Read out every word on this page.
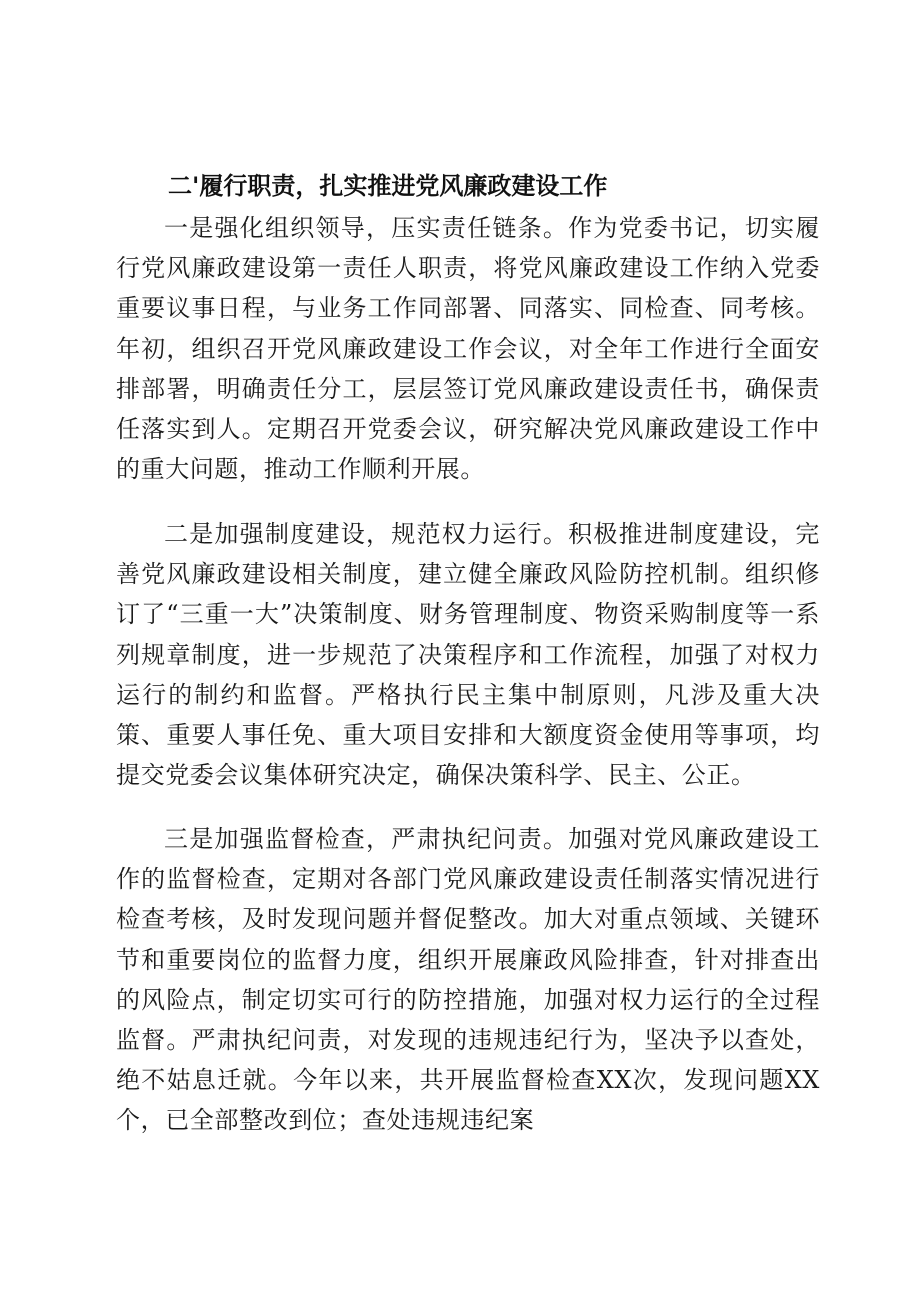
二'履行职责，扎实推进党风廉政建设工作

一是强化组织领导，压实责任链条。作为党委书记，切实履行党风廉政建设第一责任人职责，将党风廉政建设工作纳入党委重要议事日程，与业务工作同部署、同落实、同检查、同考核。年初，组织召开党风廉政建设工作会议，对全年工作进行全面安排部署，明确责任分工，层层签订党风廉政建设责任书，确保责任落实到人。定期召开党委会议，研究解决党风廉政建设工作中的重大问题，推动工作顺利开展。

二是加强制度建设，规范权力运行。积极推进制度建设，完善党风廉政建设相关制度，建立健全廉政风险防控机制。组织修订了“三重一大”决策制度、财务管理制度、物资采购制度等一系列规章制度，进一步规范了决策程序和工作流程，加强了对权力运行的制约和监督。严格执行民主集中制原则，凡涉及重大决策、重要人事任免、重大项目安排和大额度资金使用等事项，均提交党委会议集体研究决定，确保决策科学、民主、公正。

三是加强监督检查，严肃执纪问责。加强对党风廉政建设工作的监督检查，定期对各部门党风廉政建设责任制落实情况进行检查考核，及时发现问题并督促整改。加大对重点领域、关键环节和重要岗位的监督力度，组织开展廉政风险排查，针对排查出的风险点，制定切实可行的防控措施，加强对权力运行的全过程监督。严肃执纪问责，对发现的违规违纪行为，坚决予以查处，绝不姑息迁就。今年以来，共开展监督检查XX次，发现问题XX个，已全部整改到位；查处违规违纪案
